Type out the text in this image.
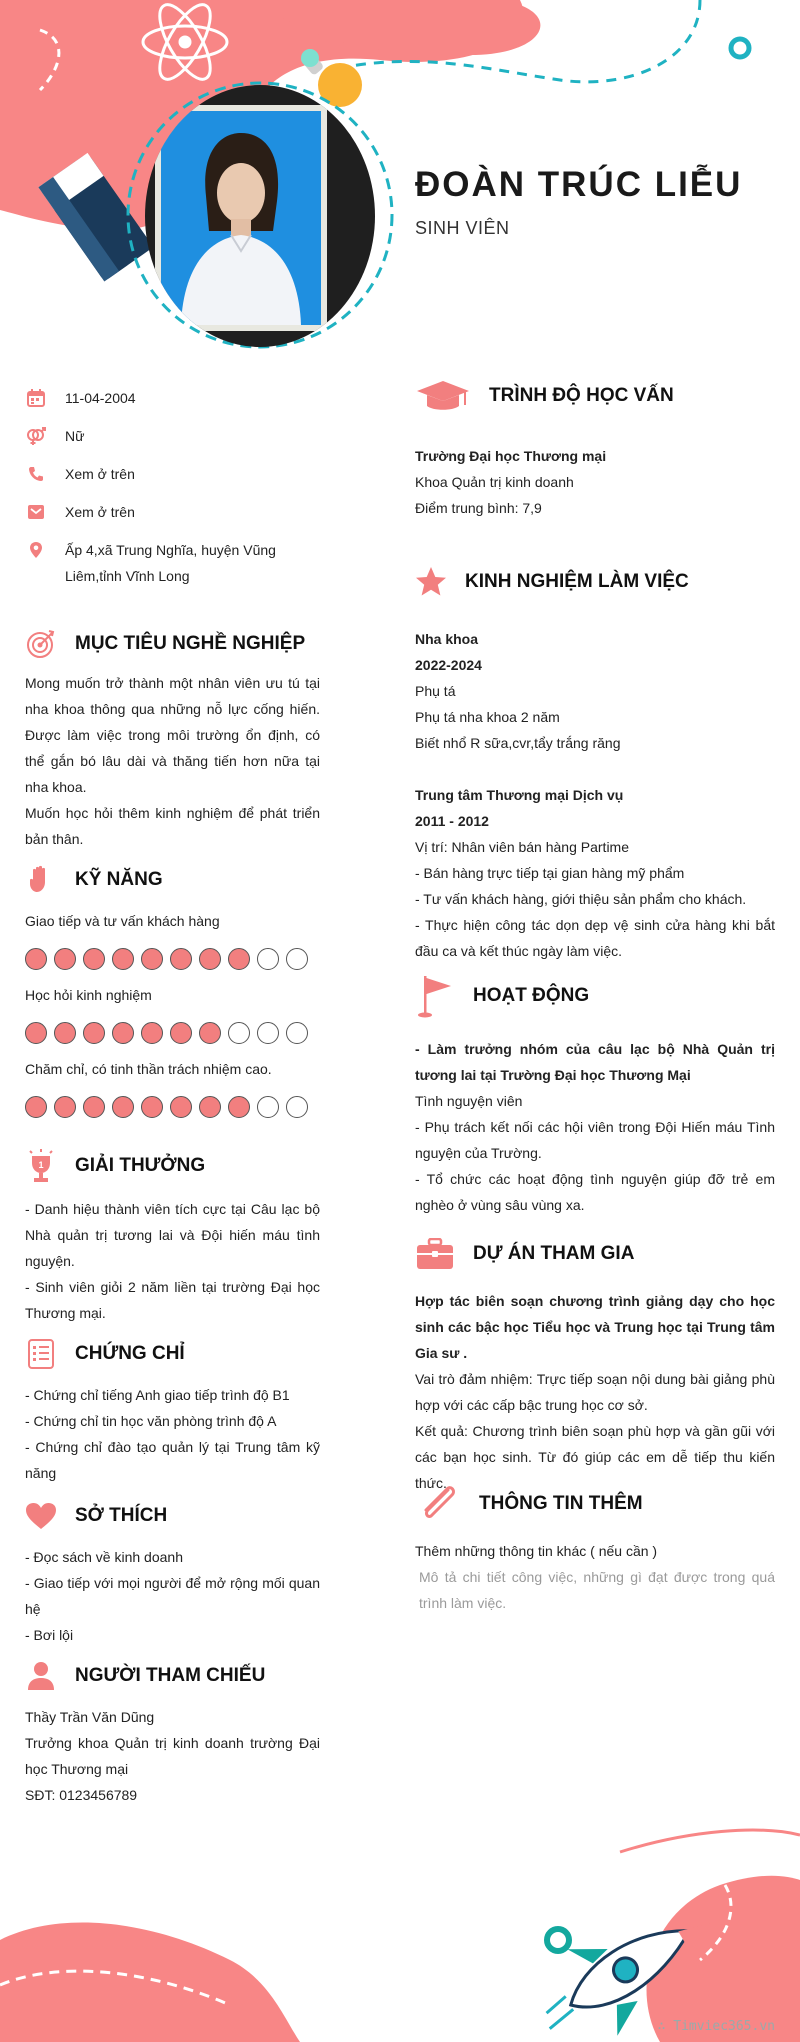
ĐOÀN TRÚC LIỄU
SINH VIÊN
11-04-2004
Nữ
Xem ở trên
Xem ở trên
Ấp 4,xã Trung Nghĩa, huyện Vũng Liêm,tỉnh Vĩnh Long
MỤC TIÊU NGHỀ NGHIỆP

Mong muốn trở thành một nhân viên ưu tú tại nha khoa thông qua những nỗ lực cống hiến. Được làm việc trong môi trường ổn định, có thể gắn bó lâu dài và thăng tiến hơn nữa tại nha khoa.

Muốn học hỏi thêm kinh nghiệm để phát triển bản thân.

KỸ NĂNG
Giao tiếp và tư vấn khách hàng
Học hỏi kinh nghiệm
Chăm chỉ, có tinh thần trách nhiệm cao.
1 GIẢI THƯỞNG

- Danh hiệu thành viên tích cực tại Câu lạc bộ Nhà quản trị tương lai và Đội hiến máu tình nguyện.

- Sinh viên giỏi 2 năm liền tại trường Đại học Thương mại.

CHỨNG CHỈ

- Chứng chỉ tiếng Anh giao tiếp trình độ B1

- Chứng chỉ tin học văn phòng trình độ A

- Chứng chỉ đào tạo quản lý tại Trung tâm kỹ năng

SỞ THÍCH

- Đọc sách về kinh doanh

- Giao tiếp với mọi người để mở rộng mối quan hệ

- Bơi lội

NGƯỜI THAM CHIẾU

Thầy Trần Văn Dũng

Trưởng khoa Quản trị kinh doanh trường Đại học Thương mại

SĐT: 0123456789

TRÌNH ĐỘ HỌC VẤN

Trường Đại học Thương mại

Khoa Quản trị kinh doanh

Điểm trung bình: 7,9

KINH NGHIỆM LÀM VIỆC

Nha khoa

2022-2024

Phụ tá

Phụ tá nha khoa 2 năm

Biết nhổ R sữa,cvr,tẩy trắng răng

Trung tâm Thương mại Dịch vụ

2011 - 2012

Vị trí: Nhân viên bán hàng Partime

- Bán hàng trực tiếp tại gian hàng mỹ phẩm

- Tư vấn khách hàng, giới thiệu sản phẩm cho khách.

- Thực hiện công tác dọn dẹp vệ sinh cửa hàng khi bắt đầu ca và kết thúc ngày làm việc.

HOẠT ĐỘNG

- Làm trưởng nhóm của câu lạc bộ Nhà Quản trị tương lai tại Trường Đại học Thương Mại

Tình nguyện viên

- Phụ trách kết nối các hội viên trong Đội Hiến máu Tình nguyện của Trường.

- Tổ chức các hoạt động tình nguyện giúp đỡ trẻ em nghèo ở vùng sâu vùng xa.

DỰ ÁN THAM GIA

Hợp tác biên soạn chương trình giảng dạy cho học sinh các bậc học Tiểu học và Trung học tại Trung tâm Gia sư .

Vai trò đảm nhiệm: Trực tiếp soạn nội dung bài giảng phù hợp với các cấp bậc trung học cơ sở.

Kết quả: Chương trình biên soạn phù hợp và gần gũi với các bạn học sinh. Từ đó giúp các em dễ tiếp thu kiến thức.

THÔNG TIN THÊM

Thêm những thông tin khác ( nếu cần )

Mô tả chi tiết công việc, những gì đạt được trong quá trình làm việc.

∴ Timviec365.vn
